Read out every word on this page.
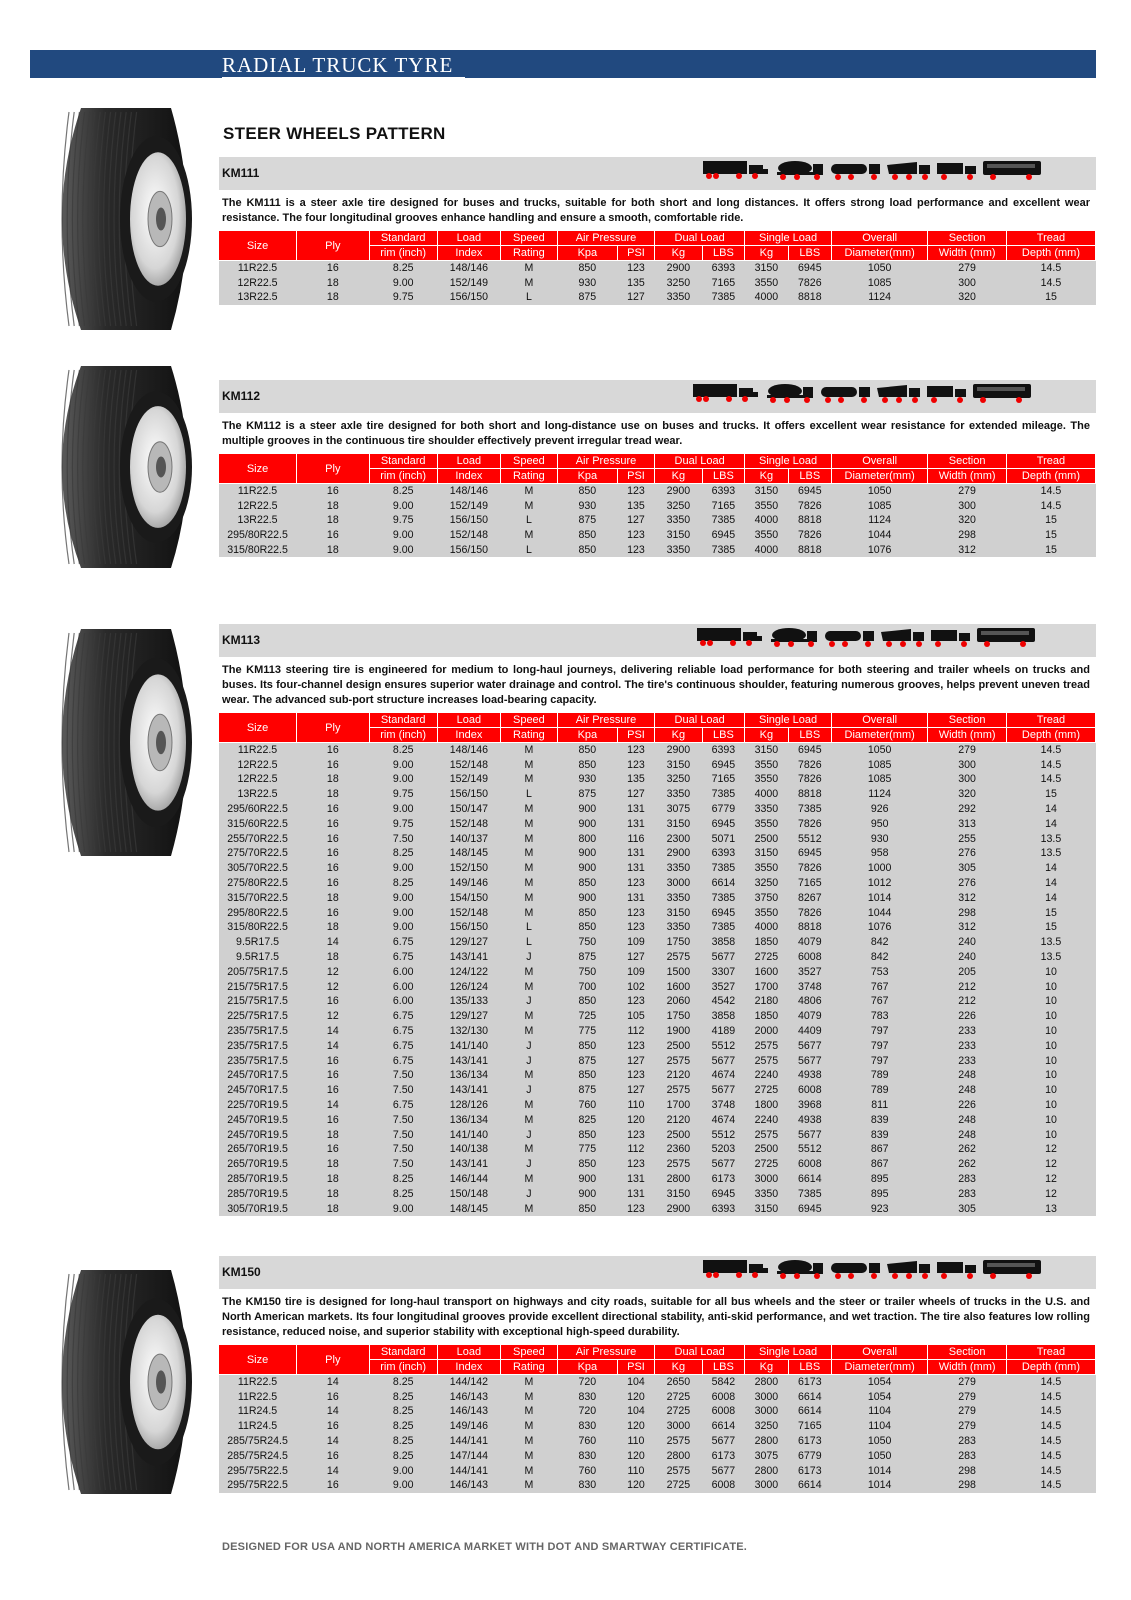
RADIAL TRUCK TYRE
STEER WHEELS PATTERN
KM111
The KM111 is a steer axle tire designed for buses and trucks, suitable for both short and long distances. It offers strong load performance and excellent wear resistance. The four longitudinal grooves enhance handling and ensure a smooth, comfortable ride.
Size	Ply	Standard	Load	Speed	Air Pressure		Dual Load		Single Load		Overall	Section	Tread
		rim (inch)	Index	Rating	Kpa	PSI	Kg	LBS	Kg	LBS	Diameter(mm)	Width (mm)	Depth (mm)
11R22.5	16	8.25	148/146	M	850	123	2900	6393	3150	6945	1050	279	14.5
12R22.5	18	9.00	152/149	M	930	135	3250	7165	3550	7826	1085	300	14.5
13R22.5	18	9.75	156/150	L	875	127	3350	7385	4000	8818	1124	320	15
KM112
The KM112 is a steer axle tire designed for both short and long-distance use on buses and trucks. It offers excellent wear resistance for extended mileage. The multiple grooves in the continuous tire shoulder effectively prevent irregular tread wear.
Size	Ply	Standard	Load	Speed	Air Pressure		Dual Load		Single Load		Overall	Section	Tread
		rim (inch)	Index	Rating	Kpa	PSI	Kg	LBS	Kg	LBS	Diameter(mm)	Width (mm)	Depth (mm)
11R22.5	16	8.25	148/146	M	850	123	2900	6393	3150	6945	1050	279	14.5
12R22.5	18	9.00	152/149	M	930	135	3250	7165	3550	7826	1085	300	14.5
13R22.5	18	9.75	156/150	L	875	127	3350	7385	4000	8818	1124	320	15
295/80R22.5	16	9.00	152/148	M	850	123	3150	6945	3550	7826	1044	298	15
315/80R22.5	18	9.00	156/150	L	850	123	3350	7385	4000	8818	1076	312	15
KM113
The KM113 steering tire is engineered for medium to long-haul journeys, delivering reliable load performance for both steering and trailer wheels on trucks and buses. Its four-channel design ensures superior water drainage and control. The tire's continuous shoulder, featuring numerous grooves, helps prevent uneven tread wear. The advanced sub-port structure increases load-bearing capacity.
Size	Ply	Standard	Load	Speed	Air Pressure		Dual Load		Single Load		Overall	Section	Tread
		rim (inch)	Index	Rating	Kpa	PSI	Kg	LBS	Kg	LBS	Diameter(mm)	Width (mm)	Depth (mm)
11R22.5	16	8.25	148/146	M	850	123	2900	6393	3150	6945	1050	279	14.5
12R22.5	16	9.00	152/148	M	850	123	3150	6945	3550	7826	1085	300	14.5
12R22.5	18	9.00	152/149	M	930	135	3250	7165	3550	7826	1085	300	14.5
13R22.5	18	9.75	156/150	L	875	127	3350	7385	4000	8818	1124	320	15
295/60R22.5	16	9.00	150/147	M	900	131	3075	6779	3350	7385	926	292	14
315/60R22.5	16	9.75	152/148	M	900	131	3150	6945	3550	7826	950	313	14
255/70R22.5	16	7.50	140/137	M	800	116	2300	5071	2500	5512	930	255	13.5
275/70R22.5	16	8.25	148/145	M	900	131	2900	6393	3150	6945	958	276	13.5
305/70R22.5	16	9.00	152/150	M	900	131	3350	7385	3550	7826	1000	305	14
275/80R22.5	16	8.25	149/146	M	850	123	3000	6614	3250	7165	1012	276	14
315/70R22.5	18	9.00	154/150	M	900	131	3350	7385	3750	8267	1014	312	14
295/80R22.5	16	9.00	152/148	M	850	123	3150	6945	3550	7826	1044	298	15
315/80R22.5	18	9.00	156/150	L	850	123	3350	7385	4000	8818	1076	312	15
9.5R17.5	14	6.75	129/127	L	750	109	1750	3858	1850	4079	842	240	13.5
9.5R17.5	18	6.75	143/141	J	875	127	2575	5677	2725	6008	842	240	13.5
205/75R17.5	12	6.00	124/122	M	750	109	1500	3307	1600	3527	753	205	10
215/75R17.5	12	6.00	126/124	M	700	102	1600	3527	1700	3748	767	212	10
215/75R17.5	16	6.00	135/133	J	850	123	2060	4542	2180	4806	767	212	10
225/75R17.5	12	6.75	129/127	M	725	105	1750	3858	1850	4079	783	226	10
235/75R17.5	14	6.75	132/130	M	775	112	1900	4189	2000	4409	797	233	10
235/75R17.5	14	6.75	141/140	J	850	123	2500	5512	2575	5677	797	233	10
235/75R17.5	16	6.75	143/141	J	875	127	2575	5677	2575	5677	797	233	10
245/70R17.5	16	7.50	136/134	M	850	123	2120	4674	2240	4938	789	248	10
245/70R17.5	16	7.50	143/141	J	875	127	2575	5677	2725	6008	789	248	10
225/70R19.5	14	6.75	128/126	M	760	110	1700	3748	1800	3968	811	226	10
245/70R19.5	16	7.50	136/134	M	825	120	2120	4674	2240	4938	839	248	10
245/70R19.5	18	7.50	141/140	J	850	123	2500	5512	2575	5677	839	248	10
265/70R19.5	16	7.50	140/138	M	775	112	2360	5203	2500	5512	867	262	12
265/70R19.5	18	7.50	143/141	J	850	123	2575	5677	2725	6008	867	262	12
285/70R19.5	18	8.25	146/144	M	900	131	2800	6173	3000	6614	895	283	12
285/70R19.5	18	8.25	150/148	J	900	131	3150	6945	3350	7385	895	283	12
305/70R19.5	18	9.00	148/145	M	850	123	2900	6393	3150	6945	923	305	13
KM150
The KM150 tire is designed for long-haul transport on highways and city roads, suitable for all bus wheels and the steer or trailer wheels of trucks in the U.S. and North American markets. Its four longitudinal grooves provide excellent directional stability, anti-skid performance, and wet traction. The tire also features low rolling resistance, reduced noise, and superior stability with exceptional high-speed durability.
Size	Ply	Standard	Load	Speed	Air Pressure		Dual Load		Single Load		Overall	Section	Tread
		rim (inch)	Index	Rating	Kpa	PSI	Kg	LBS	Kg	LBS	Diameter(mm)	Width (mm)	Depth (mm)
11R22.5	14	8.25	144/142	M	720	104	2650	5842	2800	6173	1054	279	14.5
11R22.5	16	8.25	146/143	M	830	120	2725	6008	3000	6614	1054	279	14.5
11R24.5	14	8.25	146/143	M	720	104	2725	6008	3000	6614	1104	279	14.5
11R24.5	16	8.25	149/146	M	830	120	3000	6614	3250	7165	1104	279	14.5
285/75R24.5	14	8.25	144/141	M	760	110	2575	5677	2800	6173	1050	283	14.5
285/75R24.5	16	8.25	147/144	M	830	120	2800	6173	3075	6779	1050	283	14.5
295/75R22.5	14	9.00	144/141	M	760	110	2575	5677	2800	6173	1014	298	14.5
295/75R22.5	16	9.00	146/143	M	830	120	2725	6008	3000	6614	1014	298	14.5
DESIGNED FOR USA AND NORTH AMERICA MARKET WITH DOT AND SMARTWAY CERTIFICATE.
